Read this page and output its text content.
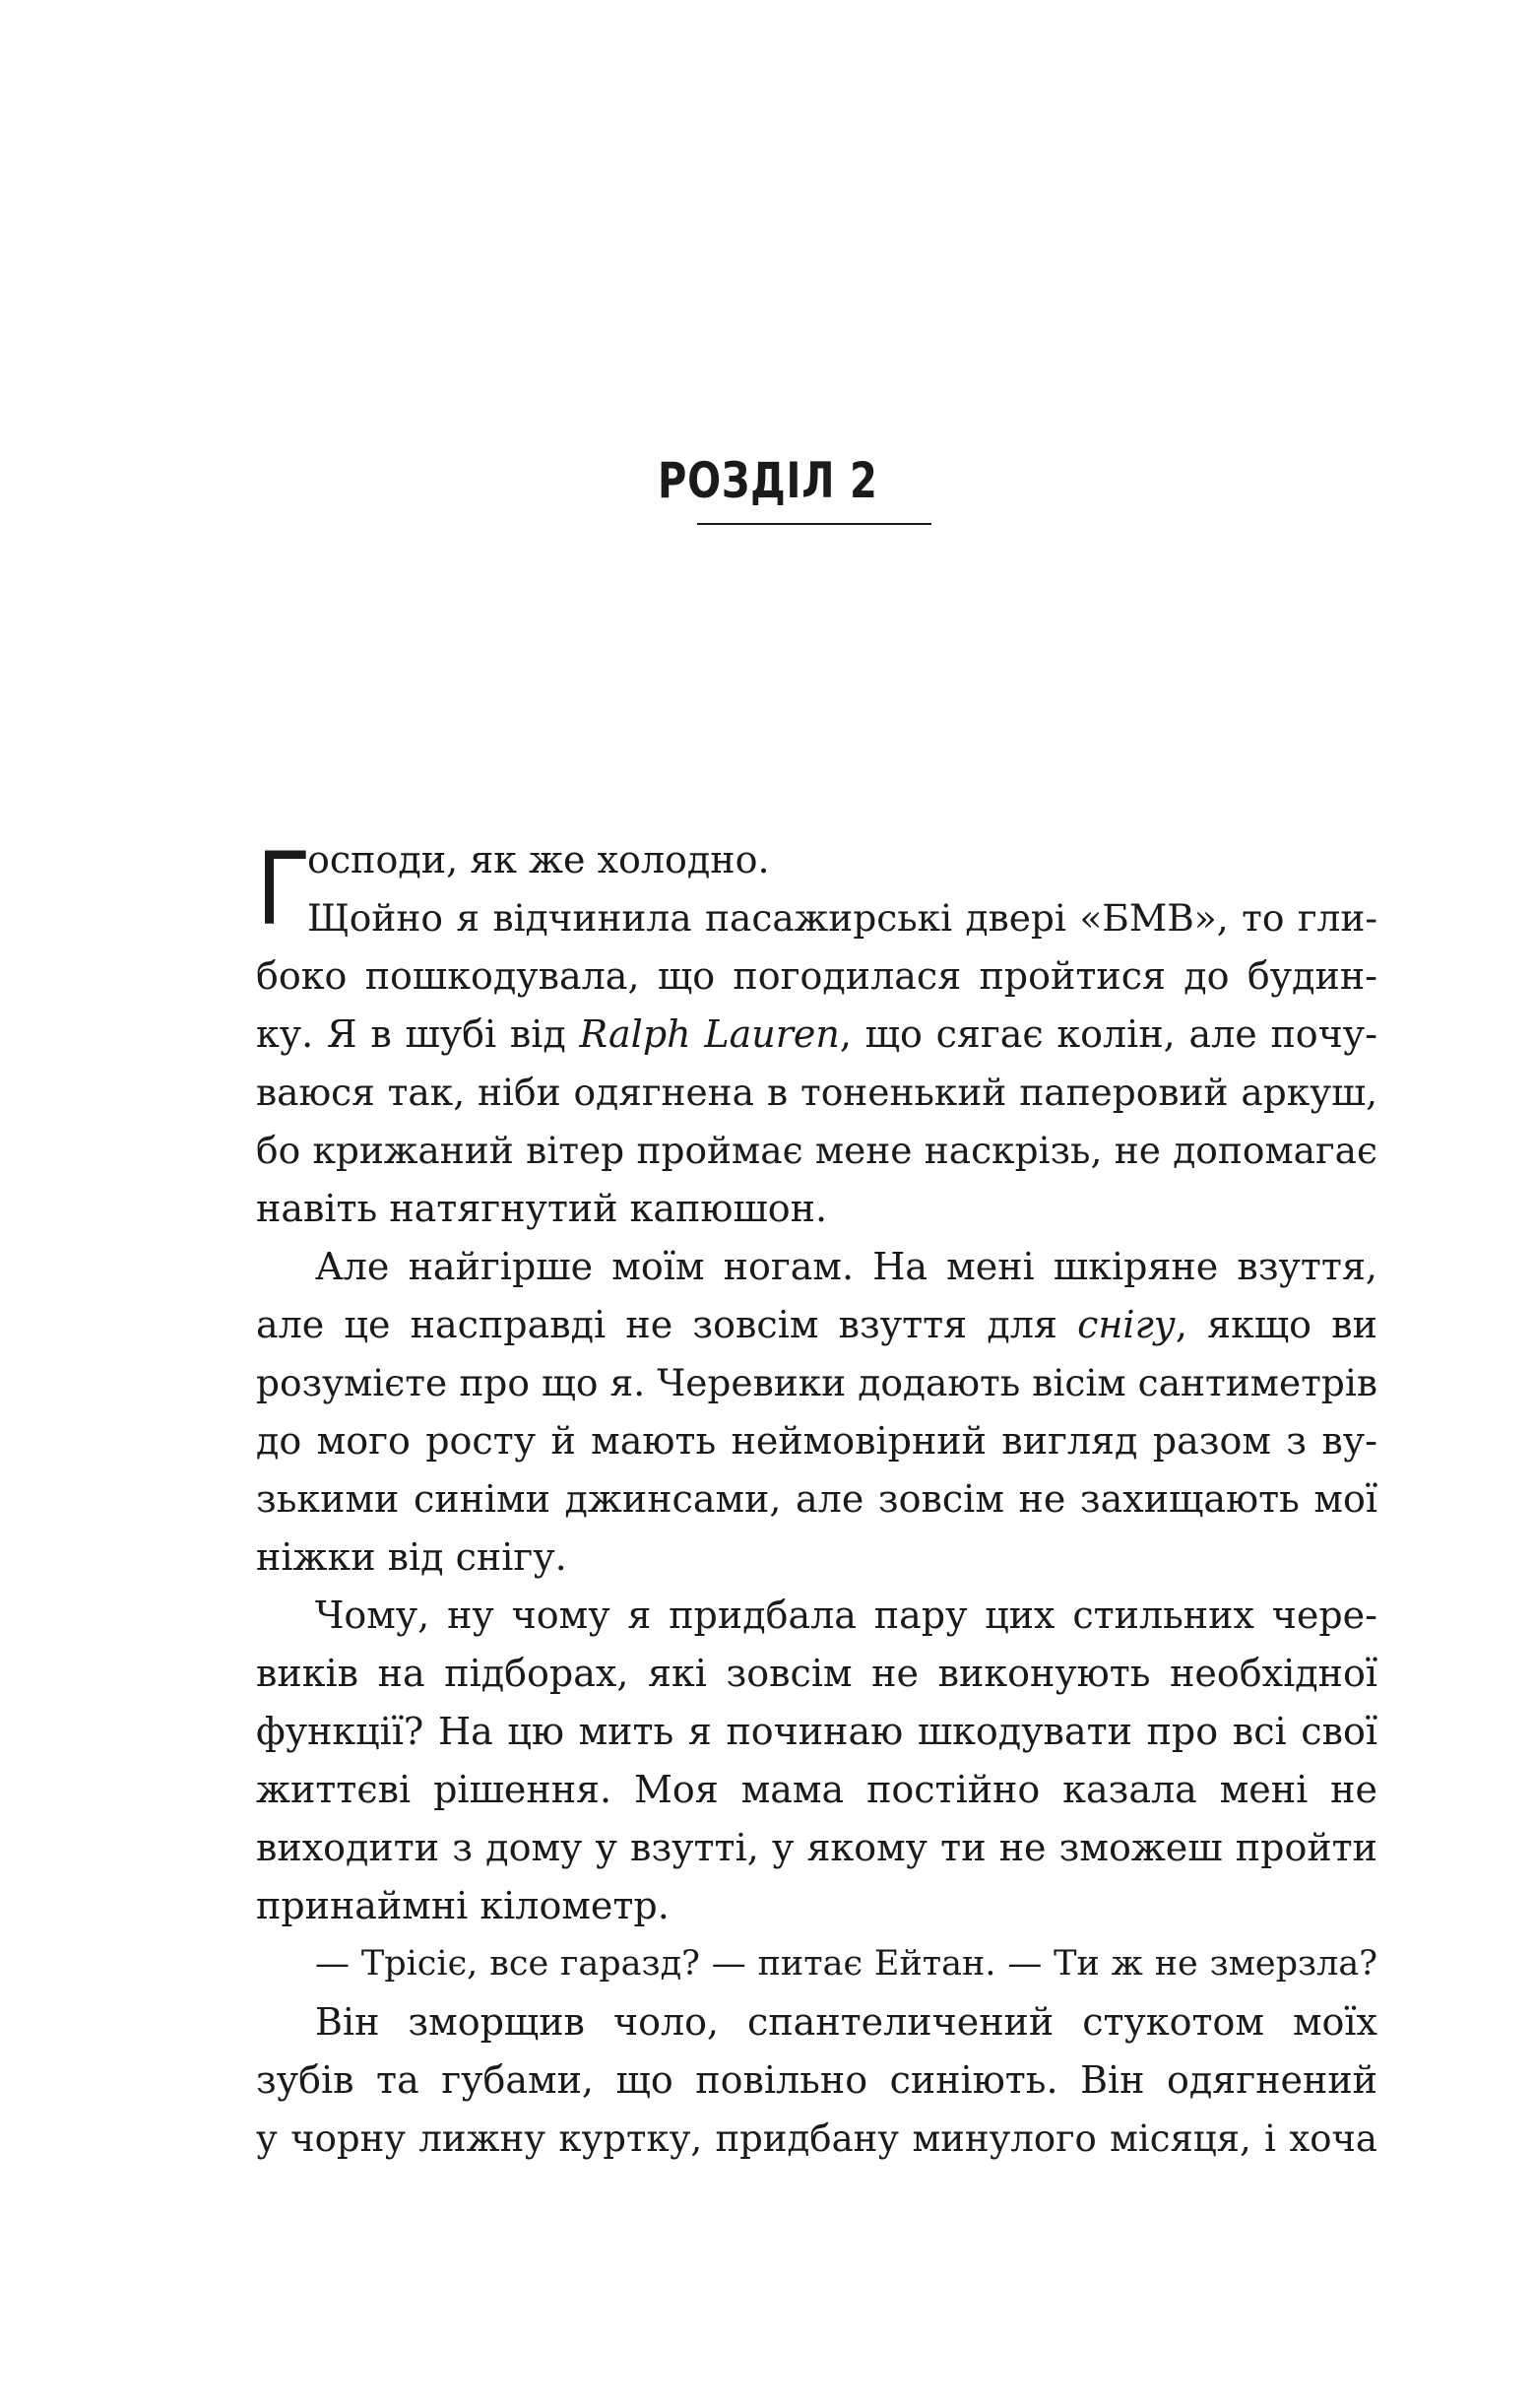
РОЗДІЛ 2
Г
осподи, як же холодно.
Щойно я відчинила пасажирські двері «БМВ», то гли-
боко пошкодувала, що погодилася пройтися до будин-
ку. Я в шубі від Ralph Lauren, що сягає колін, але почу-
ваюся так, ніби одягнена в тоненький паперовий аркуш,
бо крижаний вітер проймає мене наскрізь, не допомагає
навіть натягнутий капюшон.
Але найгірше моїм ногам. На мені шкіряне взуття,
але це насправді не зовсім взуття для снігу, якщо ви
розумієте про що я. Черевики додають вісім сантиметрів
до мого росту й мають неймовірний вигляд разом з ву-
зькими синіми джинсами, але зовсім не захищають мої
ніжки від снігу.
Чому, ну чому я придбала пару цих стильних чере-
виків на підборах, які зовсім не виконують необхідної
функції? На цю мить я починаю шкодувати про всі свої
життєві рішення. Моя мама постійно казала мені не
виходити з дому у взутті, у якому ти не зможеш пройти
принаймні кілометр.
— Трісіє, все гаразд? — питає Ейтан. — Ти ж не змерзла?
Він зморщив чоло, спантеличений стукотом моїх
зубів та губами, що повільно синіють. Він одягнений
у чорну лижну куртку, придбану минулого місяця, і хоча
